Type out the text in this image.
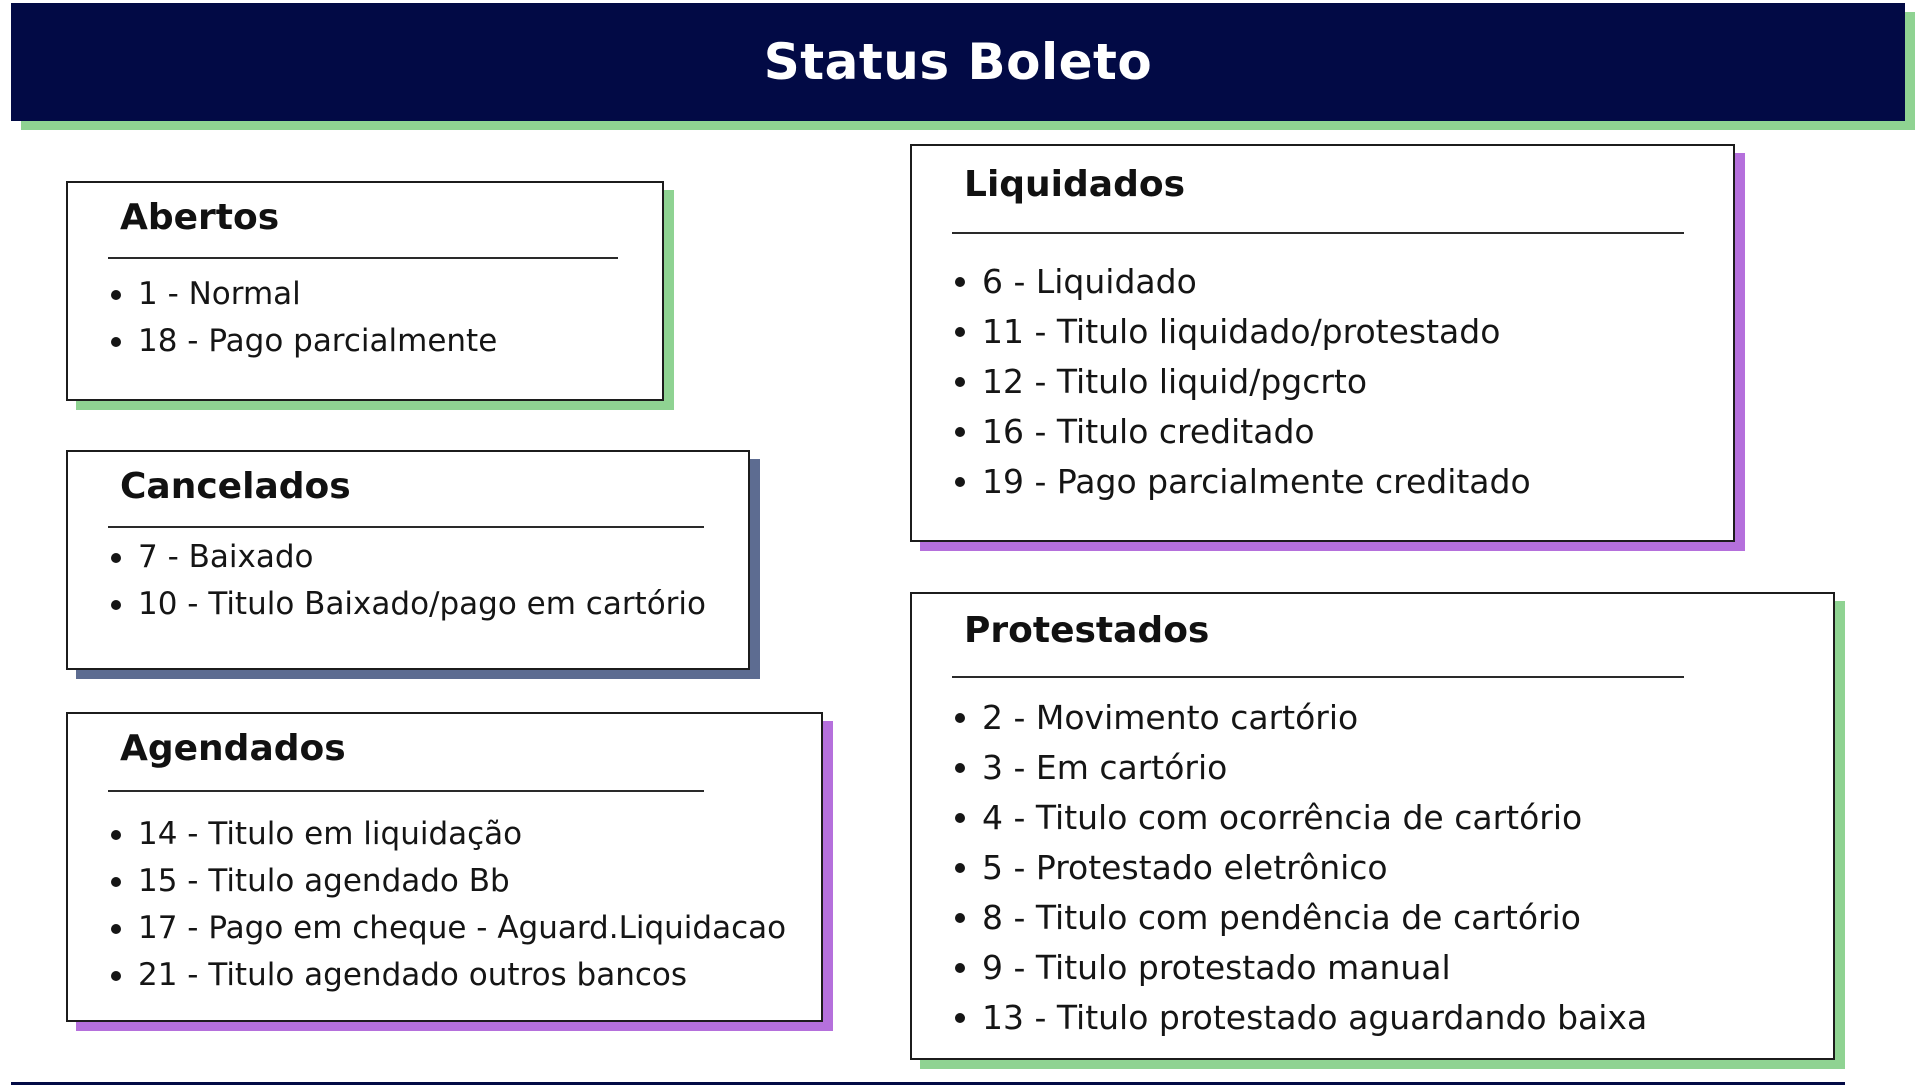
Status Boleto
Abertos
1 - Normal
18 - Pago parcialmente
Cancelados
7 - Baixado
10 - Titulo Baixado/pago em cartório
Agendados
14 - Titulo em liquidação
15 - Titulo agendado Bb
17 - Pago em cheque - Aguard.Liquidacao
21 - Titulo agendado outros bancos
Liquidados
6 - Liquidado
11 - Titulo liquidado/protestado
12 - Titulo liquid/pgcrto
16 - Titulo creditado
19 - Pago parcialmente creditado
Protestados
2 - Movimento cartório
3 - Em cartório
4 - Titulo com ocorrência de cartório
5 - Protestado eletrônico
8 - Titulo com pendência de cartório
9 - Titulo protestado manual
13 - Titulo protestado aguardando baixa
